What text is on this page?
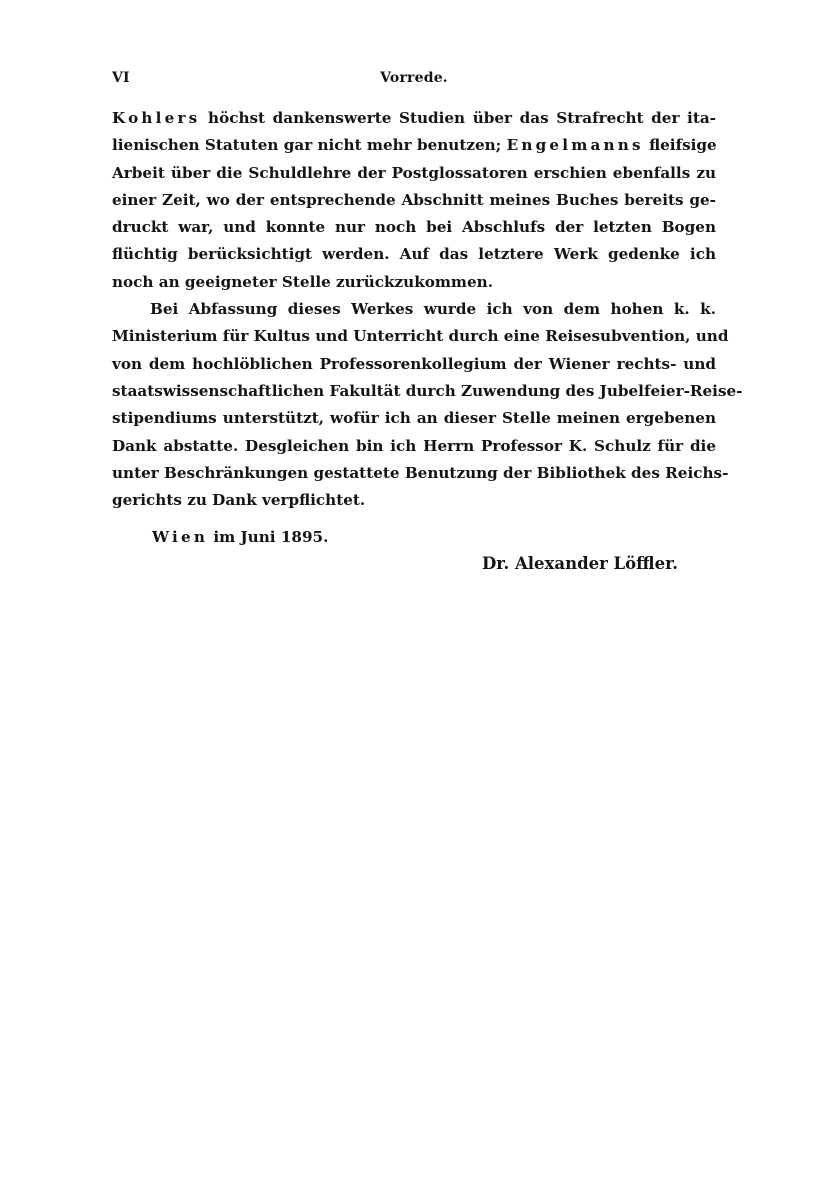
VI	Vorrede.
Kohlers höchst dankenswerte Studien über das Strafrecht der ita-
lienischen Statuten gar nicht mehr benutzen; Engelmanns fleifsige
Arbeit über die Schuldlehre der Postglossatoren erschien ebenfalls zu
einer Zeit, wo der entsprechende Abschnitt meines Buches bereits ge-
druckt war, und konnte nur noch bei Abschlufs der letzten Bogen
flüchtig berücksichtigt werden. Auf das letztere Werk gedenke ich
noch an geeigneter Stelle zurückzukommen.
Bei Abfassung dieses Werkes wurde ich von dem hohen k. k.
Ministerium für Kultus und Unterricht durch eine Reisesubvention, und
von dem hochlöblichen Professorenkollegium der Wiener rechts- und
staatswissenschaftlichen Fakultät durch Zuwendung des Jubelfeier-Reise-
stipendiums unterstützt, wofür ich an dieser Stelle meinen ergebenen
Dank abstatte. Desgleichen bin ich Herrn Professor K. Schulz für die
unter Beschränkungen gestattete Benutzung der Bibliothek des Reichs-
gerichts zu Dank verpflichtet.
Wien im Juni 1895.
Dr. Alexander Löffler.
